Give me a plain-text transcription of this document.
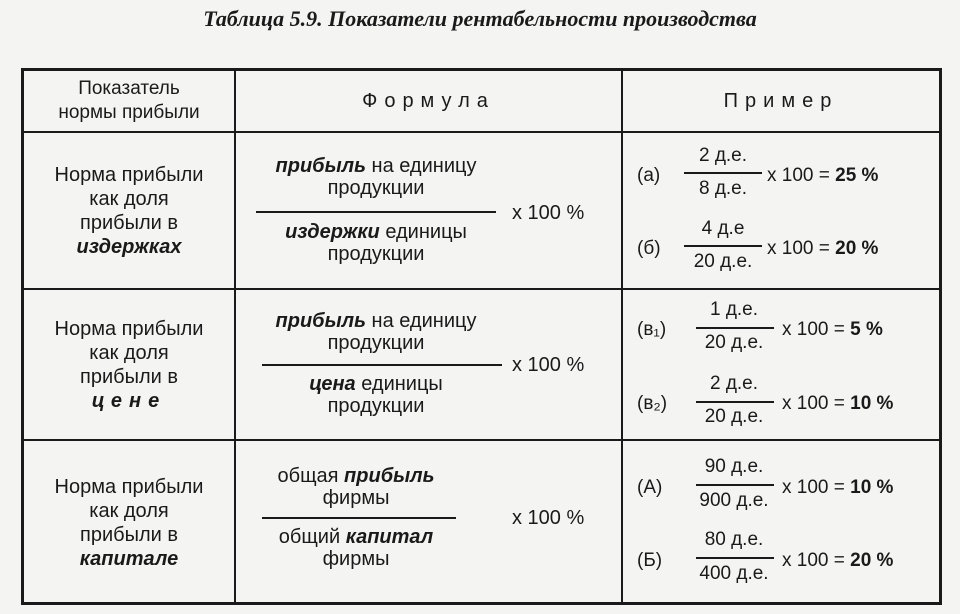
Таблица 5.9. Показатели рентабельности производства
Показатель
нормы прибыли
Формула	Пример
Норма прибыли
как доля
прибыли в
издержках
прибыль на единицу
продукции
издержки единицы
продукции
х 100 %
(а)
2 д.е.
8 д.е.
х 100 = 25 %
(б)
4 д.е
20 д.е.
х 100 = 20 %
Норма прибыли
как доля
прибыли в
цене
прибыль на единицу
продукции
цена единицы
продукции
х 100 %
(в₁)
1 д.е.
20 д.е.
х 100 = 5 %
(в₂)
2 д.е.
20 д.е.
х 100 = 10 %
Норма прибыли
как доля
прибыли в
капитале
общая прибыль
фирмы
общий капитал
фирмы
х 100 %
(А)
90 д.е.
900 д.е.
х 100 = 10 %
(Б)
80 д.е.
400 д.е.
х 100 = 20 %
